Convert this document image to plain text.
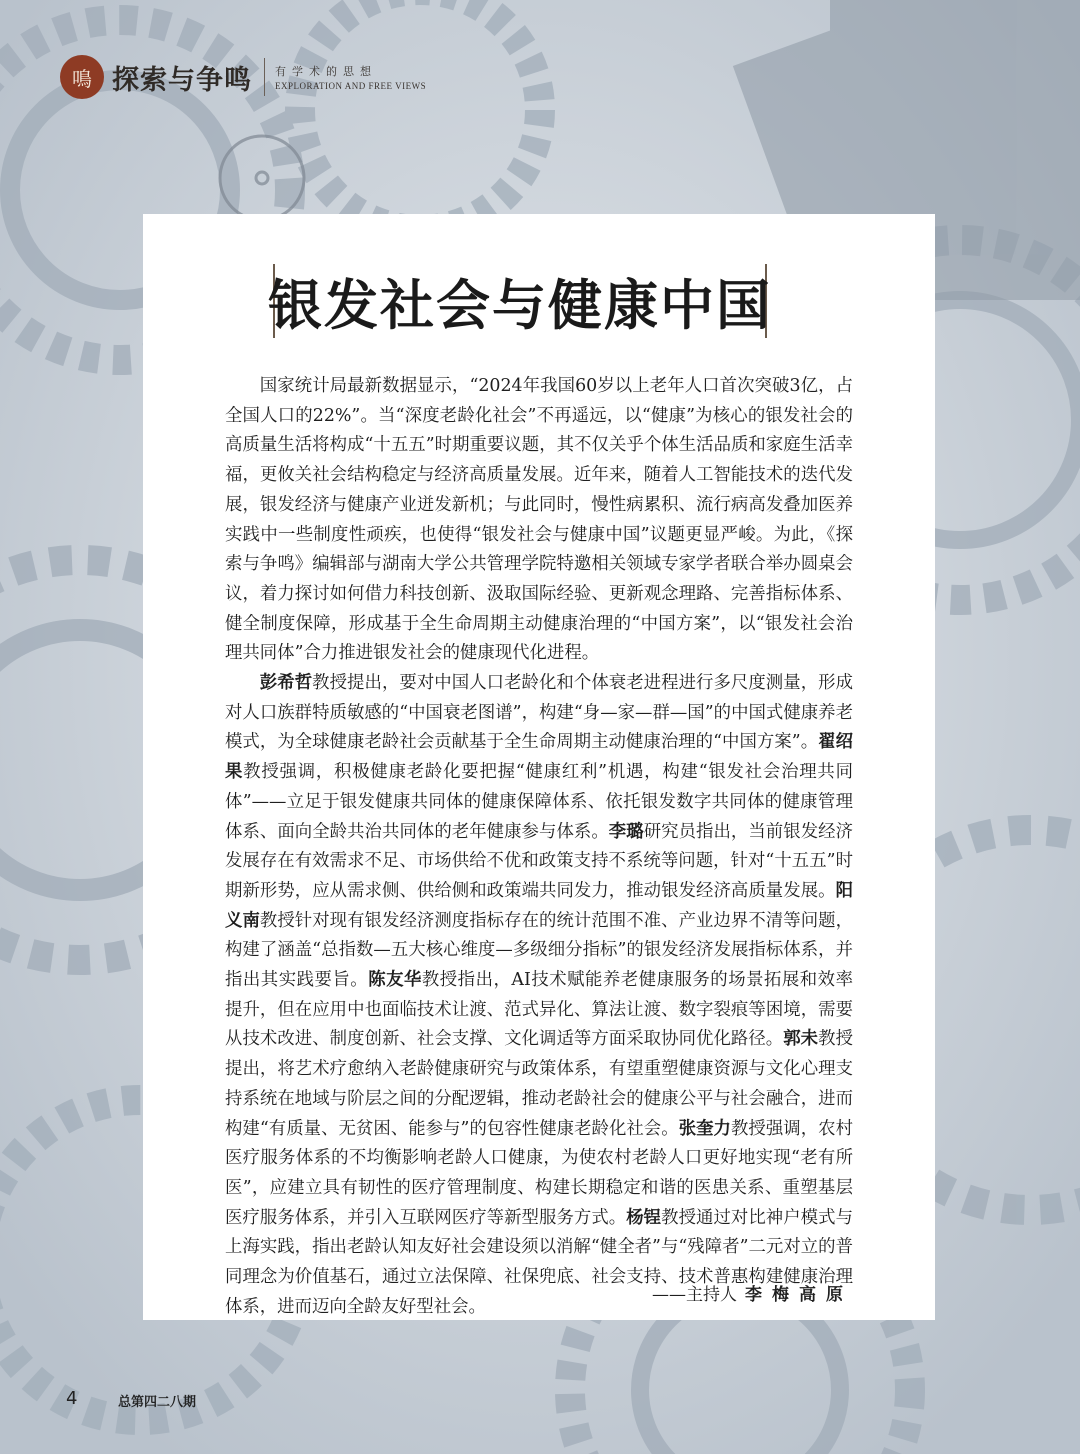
鳴 探索与争鸣 有学术的思想
EXPLORATION AND FREE VIEWS
银发社会与健康中国

国家统计局最新数据显示，“2024年我国60岁以上老年人口首次突破3亿，占全国人口的22%”。当“深度老龄化社会”不再遥远，以“健康”为核心的银发社会的高质量生活将构成“十五五”时期重要议题，其不仅关乎个体生活品质和家庭生活幸福，更攸关社会结构稳定与经济高质量发展。近年来，随着人工智能技术的迭代发展，银发经济与健康产业迸发新机；与此同时，慢性病累积、流行病高发叠加医养实践中一些制度性顽疾，也使得“银发社会与健康中国”议题更显严峻。为此，《探索与争鸣》编辑部与湖南大学公共管理学院特邀相关领域专家学者联合举办圆桌会议，着力探讨如何借力科技创新、汲取国际经验、更新观念理路、完善指标体系、健全制度保障，形成基于全生命周期主动健康治理的“中国方案”，以“银发社会治理共同体”合力推进银发社会的健康现代化进程。

彭希哲教授提出，要对中国人口老龄化和个体衰老进程进行多尺度测量，形成对人口族群特质敏感的“中国衰老图谱”，构建“身—家—群—国”的中国式健康养老模式，为全球健康老龄社会贡献基于全生命周期主动健康治理的“中国方案”。翟绍果教授强调，积极健康老龄化要把握“健康红利”机遇，构建“银发社会治理共同体”——立足于银发健康共同体的健康保障体系、依托银发数字共同体的健康管理体系、面向全龄共治共同体的老年健康参与体系。李璐研究员指出，当前银发经济发展存在有效需求不足、市场供给不优和政策支持不系统等问题，针对“十五五”时期新形势，应从需求侧、供给侧和政策端共同发力，推动银发经济高质量发展。阳义南教授针对现有银发经济测度指标存在的统计范围不准、产业边界不清等问题，构建了涵盖“总指数—五大核心维度—多级细分指标”的银发经济发展指标体系，并指出其实践要旨。陈友华教授指出，AI技术赋能养老健康服务的场景拓展和效率提升，但在应用中也面临技术让渡、范式异化、算法让渡、数字裂痕等困境，需要从技术改进、制度创新、社会支撑、文化调适等方面采取协同优化路径。郭未教授提出，将艺术疗愈纳入老龄健康研究与政策体系，有望重塑健康资源与文化心理支持系统在地域与阶层之间的分配逻辑，推动老龄社会的健康公平与社会融合，进而构建“有质量、无贫困、能参与”的包容性健康老龄化社会。张奎力教授强调，农村医疗服务体系的不均衡影响老龄人口健康，为使农村老龄人口更好地实现“老有所医”，应建立具有韧性的医疗管理制度、构建长期稳定和谐的医患关系、重塑基层医疗服务体系，并引入互联网医疗等新型服务方式。杨锃教授通过对比神户模式与上海实践，指出老龄认知友好社会建设须以消解“健全者”与“残障者”二元对立的普同理念为价值基石，通过立法保障、社保兜底、社会支持、技术普惠构建健康治理体系，进而迈向全龄友好型社会。

——主持人 李梅高原
4	总第四二八期
